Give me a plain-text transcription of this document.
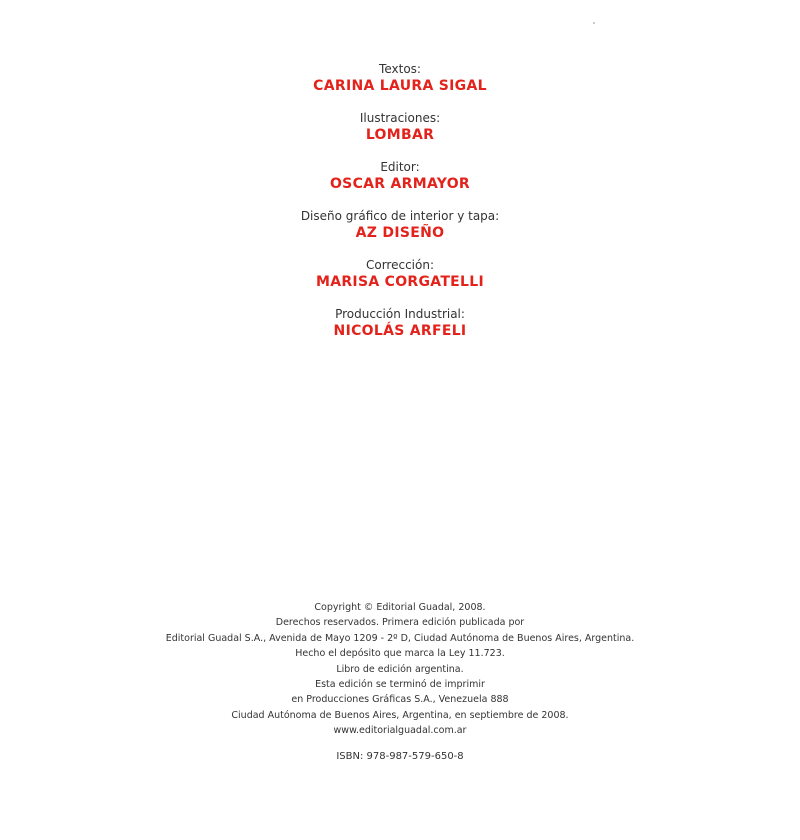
Textos:
CARINA LAURA SIGAL
Ilustraciones:
LOMBAR
Editor:
OSCAR ARMAYOR
Diseño gráfico de interior y tapa:
AZ DISEÑO
Corrección:
MARISA CORGATELLI
Producción Industrial:
NICOLÁS ARFELI
Copyright © Editorial Guadal, 2008.
Derechos reservados. Primera edición publicada por
Editorial Guadal S.A., Avenida de Mayo 1209 - 2º D, Ciudad Autónoma de Buenos Aires, Argentina.
Hecho el depósito que marca la Ley 11.723.
Libro de edición argentina.
Esta edición se terminó de imprimir
en Producciones Gráficas S.A., Venezuela 888
Ciudad Autónoma de Buenos Aires, Argentina, en septiembre de 2008.
www.editorialguadal.com.ar
ISBN: 978-987-579-650-8
